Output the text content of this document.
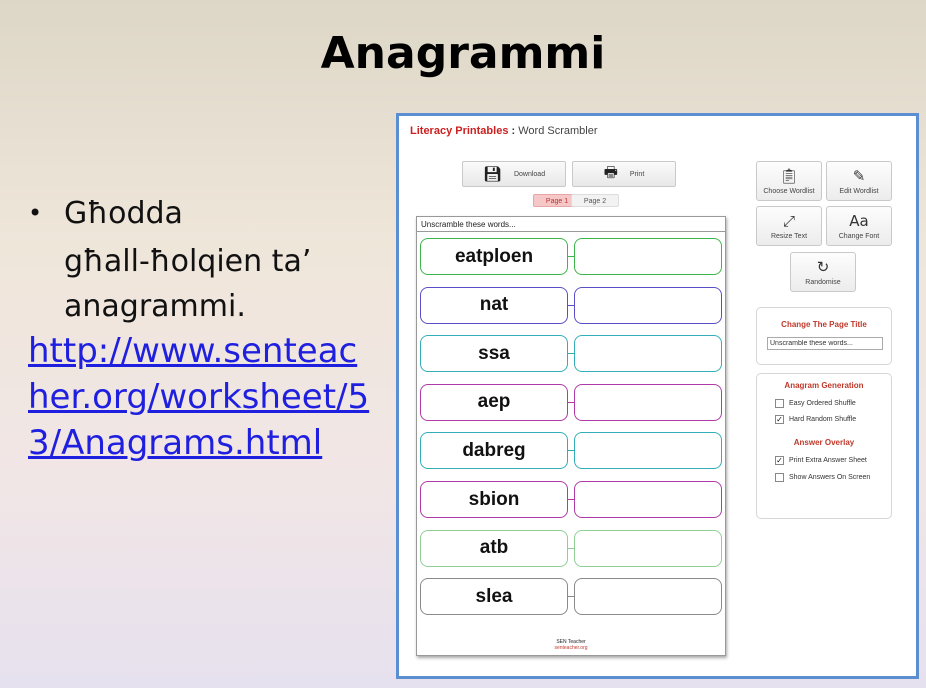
Anagrammi
• Għodda
għall-ħolqien ta’
anagrammi.
http://www.senteacher.org/worksheet/53/Anagrams.html
Literacy Printables : Word Scrambler
💾︎ Download	🖶︎ Print
Page 1	Page 2
Unscramble these words...
eatploen
nat
ssa
aep
dabreg
sbion
atb
slea
SEN Teacher
senteacher.org
📋︎
Choose Wordlist
✎
Edit Wordlist
⤢
Resize Text
Aa
Change Font
↻
Randomise
Change The Page Title
Unscramble these words...
Anagram Generation
Easy Ordered Shuffle
✓ Hard Random Shuffle
Answer Overlay
✓ Print Extra Answer Sheet
Show Answers On Screen
